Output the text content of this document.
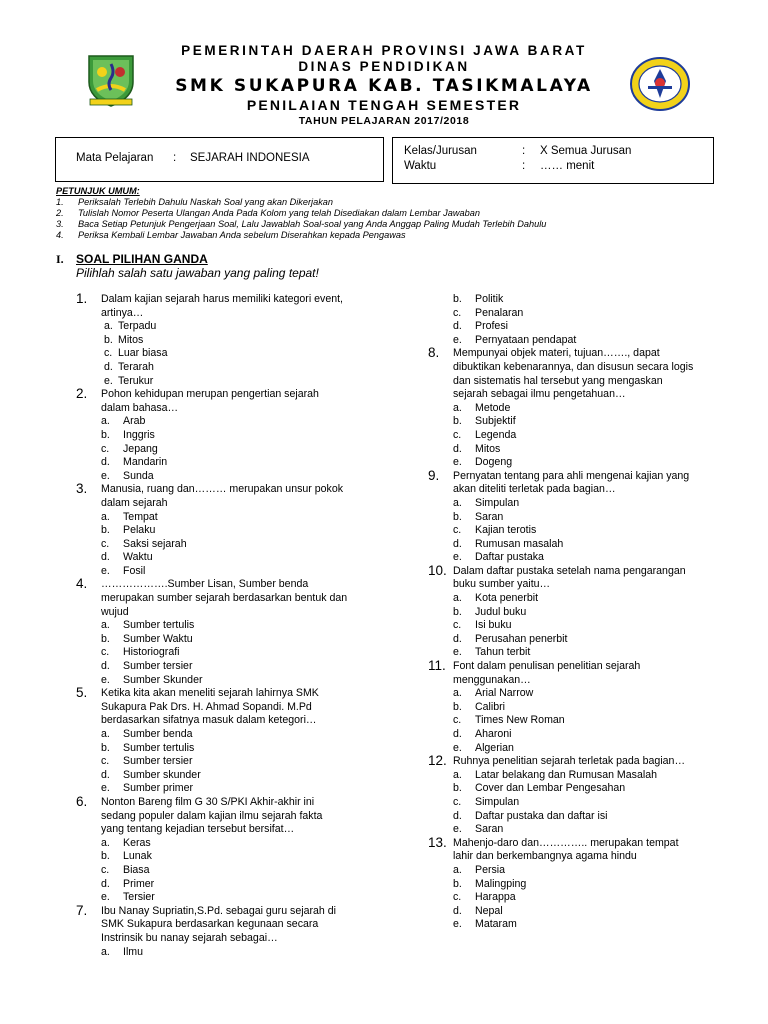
PEMERINTAH DAERAH PROVINSI JAWA BARAT
DINAS PENDIDIKAN
SMK SUKAPURA KAB. TASIKMALAYA
PENILAIAN TENGAH SEMESTER
TAHUN PELAJARAN 2017/2018
Mata Pelajaran : SEJARAH INDONESIA
Kelas/Jurusan	: X Semua Jurusan
Waktu	: …… menit
PETUNJUK UMUM:
1.	Periksalah Terlebih Dahulu Naskah Soal yang akan Dikerjakan
2.	Tulislah Nomor Peserta Ulangan Anda Pada Kolom yang telah Disediakan dalam Lembar Jawaban
3.	Baca Setiap Petunjuk Pengerjaan Soal, Lalu Jawablah Soal-soal yang Anda Anggap Paling Mudah Terlebih Dahulu
4.	Periksa Kembali Lembar Jawaban Anda sebelum Diserahkan kepada Pengawas
I. SOAL PILIHAN GANDA
Pilihlah salah satu jawaban yang paling tepat!
1. Dalam kajian sejarah harus memiliki kategori event,
artinya…
a. Terpadu
b. Mitos
c. Luar biasa
d. Terarah
e. Terukur
2. Pohon kehidupan merupan pengertian sejarah
dalam bahasa…
a. Arab
b. Inggris
c. Jepang
d. Mandarin
e. Sunda
3. Manusia, ruang dan……… merupakan unsur pokok
dalam sejarah
a. Tempat
b. Pelaku
c. Saksi sejarah
d. Waktu
e. Fosil
4. ……………….Sumber Lisan, Sumber benda
merupakan sumber sejarah berdasarkan bentuk dan
wujud
a. Sumber tertulis
b. Sumber Waktu
c. Historiografi
d. Sumber tersier
e. Sumber Skunder
5. Ketika kita akan meneliti sejarah lahirnya SMK
Sukapura Pak Drs. H. Ahmad Sopandi. M.Pd
berdasarkan sifatnya masuk dalam ketegori…
a. Sumber benda
b. Sumber tertulis
c. Sumber tersier
d. Sumber skunder
e. Sumber primer
6. Nonton Bareng film G 30 S/PKI Akhir-akhir ini
sedang populer dalam kajian ilmu sejarah fakta
yang tentang kejadian tersebut bersifat…
a. Keras
b. Lunak
c. Biasa
d. Primer
e. Tersier
7. Ibu Nanay Supriatin,S.Pd. sebagai guru sejarah di
SMK Sukapura berdasarkan kegunaan secara
Instrinsik bu nanay sejarah sebagai…
a. Ilmu
b. Politik
c. Penalaran
d. Profesi
e. Pernyataan pendapat
8. Mempunyai objek materi, tujuan……., dapat
dibuktikan kebenarannya, dan disusun secara logis
dan sistematis hal tersebut yang mengaskan
sejarah sebagai ilmu pengetahuan…
a. Metode
b. Subjektif
c. Legenda
d. Mitos
e. Dogeng
9. Pernyatan tentang para ahli mengenai kajian yang
akan diteliti terletak pada bagian…
a. Simpulan
b. Saran
c. Kajian terotis
d. Rumusan masalah
e. Daftar pustaka
10. Dalam daftar pustaka setelah nama pengarangan
buku sumber yaitu…
a. Kota penerbit
b. Judul buku
c. Isi buku
d. Perusahan penerbit
e. Tahun terbit
11. Font dalam penulisan penelitian sejarah
menggunakan…
a. Arial Narrow
b. Calibri
c. Times New Roman
d. Aharoni
e. Algerian
12. Ruhnya penelitian sejarah terletak pada bagian…
a. Latar belakang dan Rumusan Masalah
b. Cover dan Lembar Pengesahan
c. Simpulan
d. Daftar pustaka dan daftar isi
e. Saran
13. Mahenjo-daro dan………….. merupakan tempat
lahir dan berkembangnya agama hindu
a. Persia
b. Malingping
c. Harappa
d. Nepal
e. Mataram
